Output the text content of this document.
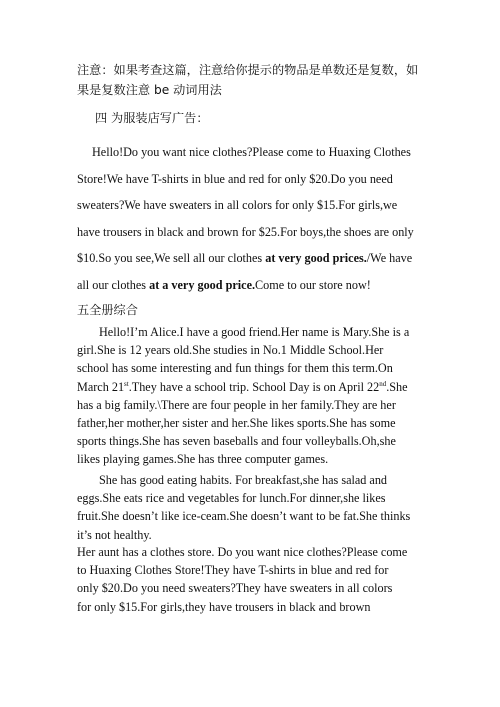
注意：如果考查这篇，注意给你提示的物品是单数还是复数，如
果是复数注意 be 动词用法

四 为服装店写广告：

Hello!Do you want nice clothes?Please come to Huaxing Clothes
Store!We have T-shirts in blue and red for only $20.Do you need
sweaters?We have sweaters in all colors for only $15.For girls,we
have trousers in black and brown for $25.For boys,the shoes are only
$10.So you see,We sell all our clothes at very good prices./We have
all our clothes at a very good price.Come to our store now!

五全册综合

Hello!I’m Alice.I have a good friend.Her name is Mary.She is a
girl.She is 12 years old.She studies in No.1 Middle School.Her
school has some interesting and fun things for them this term.On
March 21st.They have a school trip. School Day is on April 22nd.She
has a big family.\There are four people in her family.They are her
father,her mother,her sister and her.She likes sports.She has some
sports things.She has seven baseballs and four volleyballs.Oh,she
likes playing games.She has three computer games.
She has good eating habits. For breakfast,she has salad and
eggs.She eats rice and vegetables for lunch.For dinner,she likes
fruit.She doesn’t like ice-ceam.She doesn’t want to be fat.She thinks
it’s not healthy.
Her aunt has a clothes store. Do you want nice clothes?Please come
to Huaxing Clothes Store!They have T-shirts in blue and red for
only $20.Do you need sweaters?They have sweaters in all colors
for only $15.For girls,they have trousers in black and brown
